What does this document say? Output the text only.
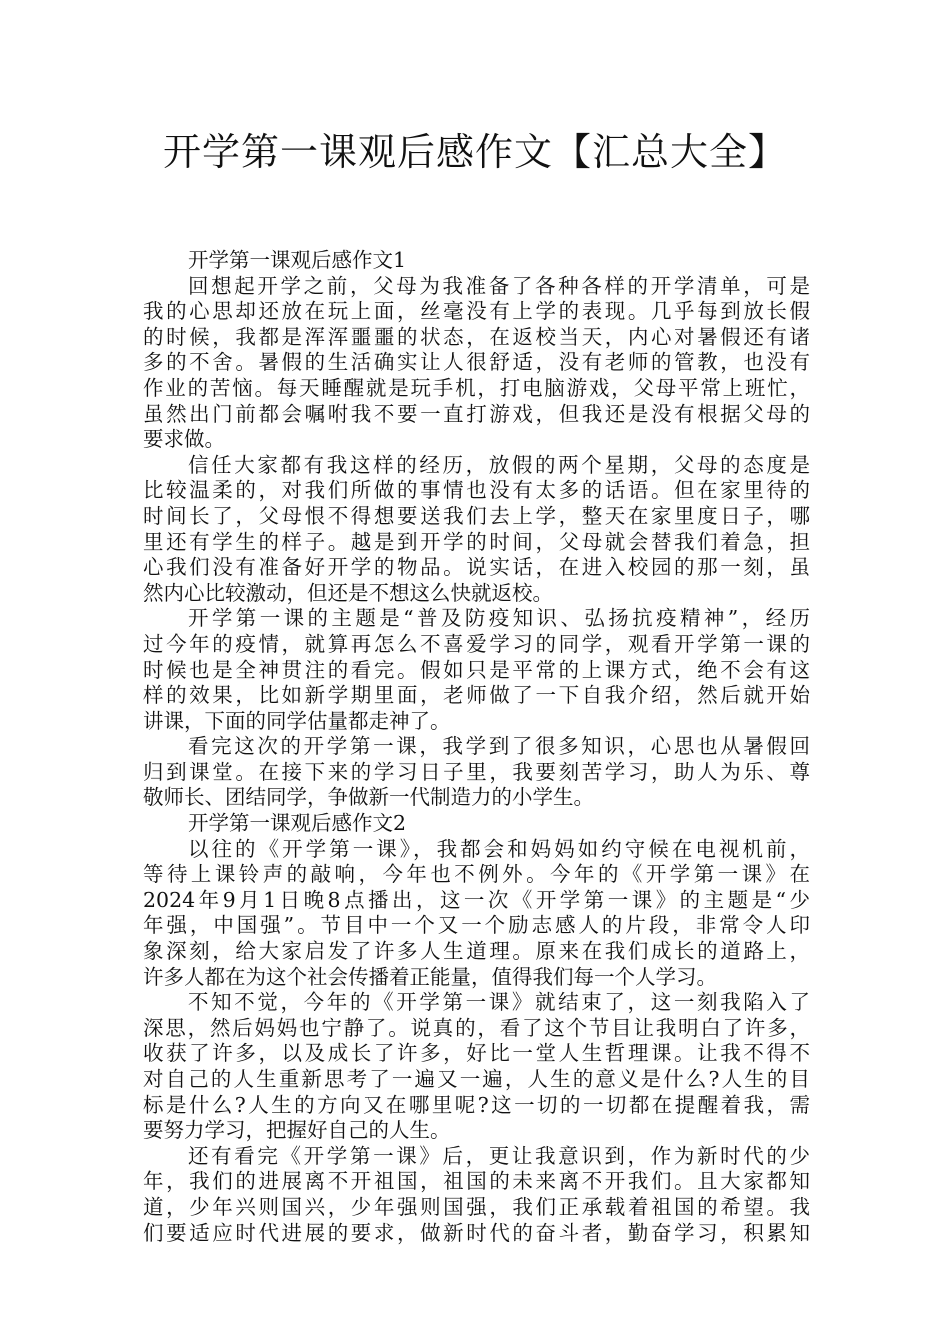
开学第一课观后感作文【汇总大全】

开学第一课观后感作文1

回想起开学之前，父母为我准备了各种各样的开学清单，可是

我的心思却还放在玩上面，丝毫没有上学的表现。几乎每到放长假

的时候，我都是浑浑噩噩的状态，在返校当天，内心对暑假还有诸

多的不舍。暑假的生活确实让人很舒适，没有老师的管教，也没有

作业的苦恼。每天睡醒就是玩手机，打电脑游戏，父母平常上班忙，

虽然出门前都会嘱咐我不要一直打游戏，但我还是没有根据父母的

要求做。

信任大家都有我这样的经历，放假的两个星期，父母的态度是

比较温柔的，对我们所做的事情也没有太多的话语。但在家里待的

时间长了，父母恨不得想要送我们去上学，整天在家里度日子，哪

里还有学生的样子。越是到开学的时间，父母就会替我们着急，担

心我们没有准备好开学的物品。说实话，在进入校园的那一刻，虽

然内心比较激动，但还是不想这么快就返校。

开学第一课的主题是“普及防疫知识、弘扬抗疫精神”，经历

过今年的疫情，就算再怎么不喜爱学习的同学，观看开学第一课的

时候也是全神贯注的看完。假如只是平常的上课方式，绝不会有这

样的效果，比如新学期里面，老师做了一下自我介绍，然后就开始

讲课，下面的同学估量都走神了。

看完这次的开学第一课，我学到了很多知识，心思也从暑假回

归到课堂。在接下来的学习日子里，我要刻苦学习，助人为乐、尊

敬师长、团结同学，争做新一代制造力的小学生。

开学第一课观后感作文2

以往的《开学第一课》，我都会和妈妈如约守候在电视机前，

等待上课铃声的敲响，今年也不例外。今年的《开学第一课》在

2024年9月1日晚8点播出，这一次《开学第一课》的主题是“少

年强，中国强”。节目中一个又一个励志感人的片段，非常令人印

象深刻，给大家启发了许多人生道理。原来在我们成长的道路上，

许多人都在为这个社会传播着正能量，值得我们每一个人学习。

不知不觉，今年的《开学第一课》就结束了，这一刻我陷入了

深思，然后妈妈也宁静了。说真的，看了这个节目让我明白了许多，

收获了许多，以及成长了许多，好比一堂人生哲理课。让我不得不

对自己的人生重新思考了一遍又一遍，人生的意义是什么?人生的目

标是什么?人生的方向又在哪里呢?这一切的一切都在提醒着我，需

要努力学习，把握好自己的人生。

还有看完《开学第一课》后，更让我意识到，作为新时代的少

年，我们的进展离不开祖国，祖国的未来离不开我们。且大家都知

道，少年兴则国兴，少年强则国强，我们正承载着祖国的希望。我

们要适应时代进展的要求，做新时代的奋斗者，勤奋学习，积累知
